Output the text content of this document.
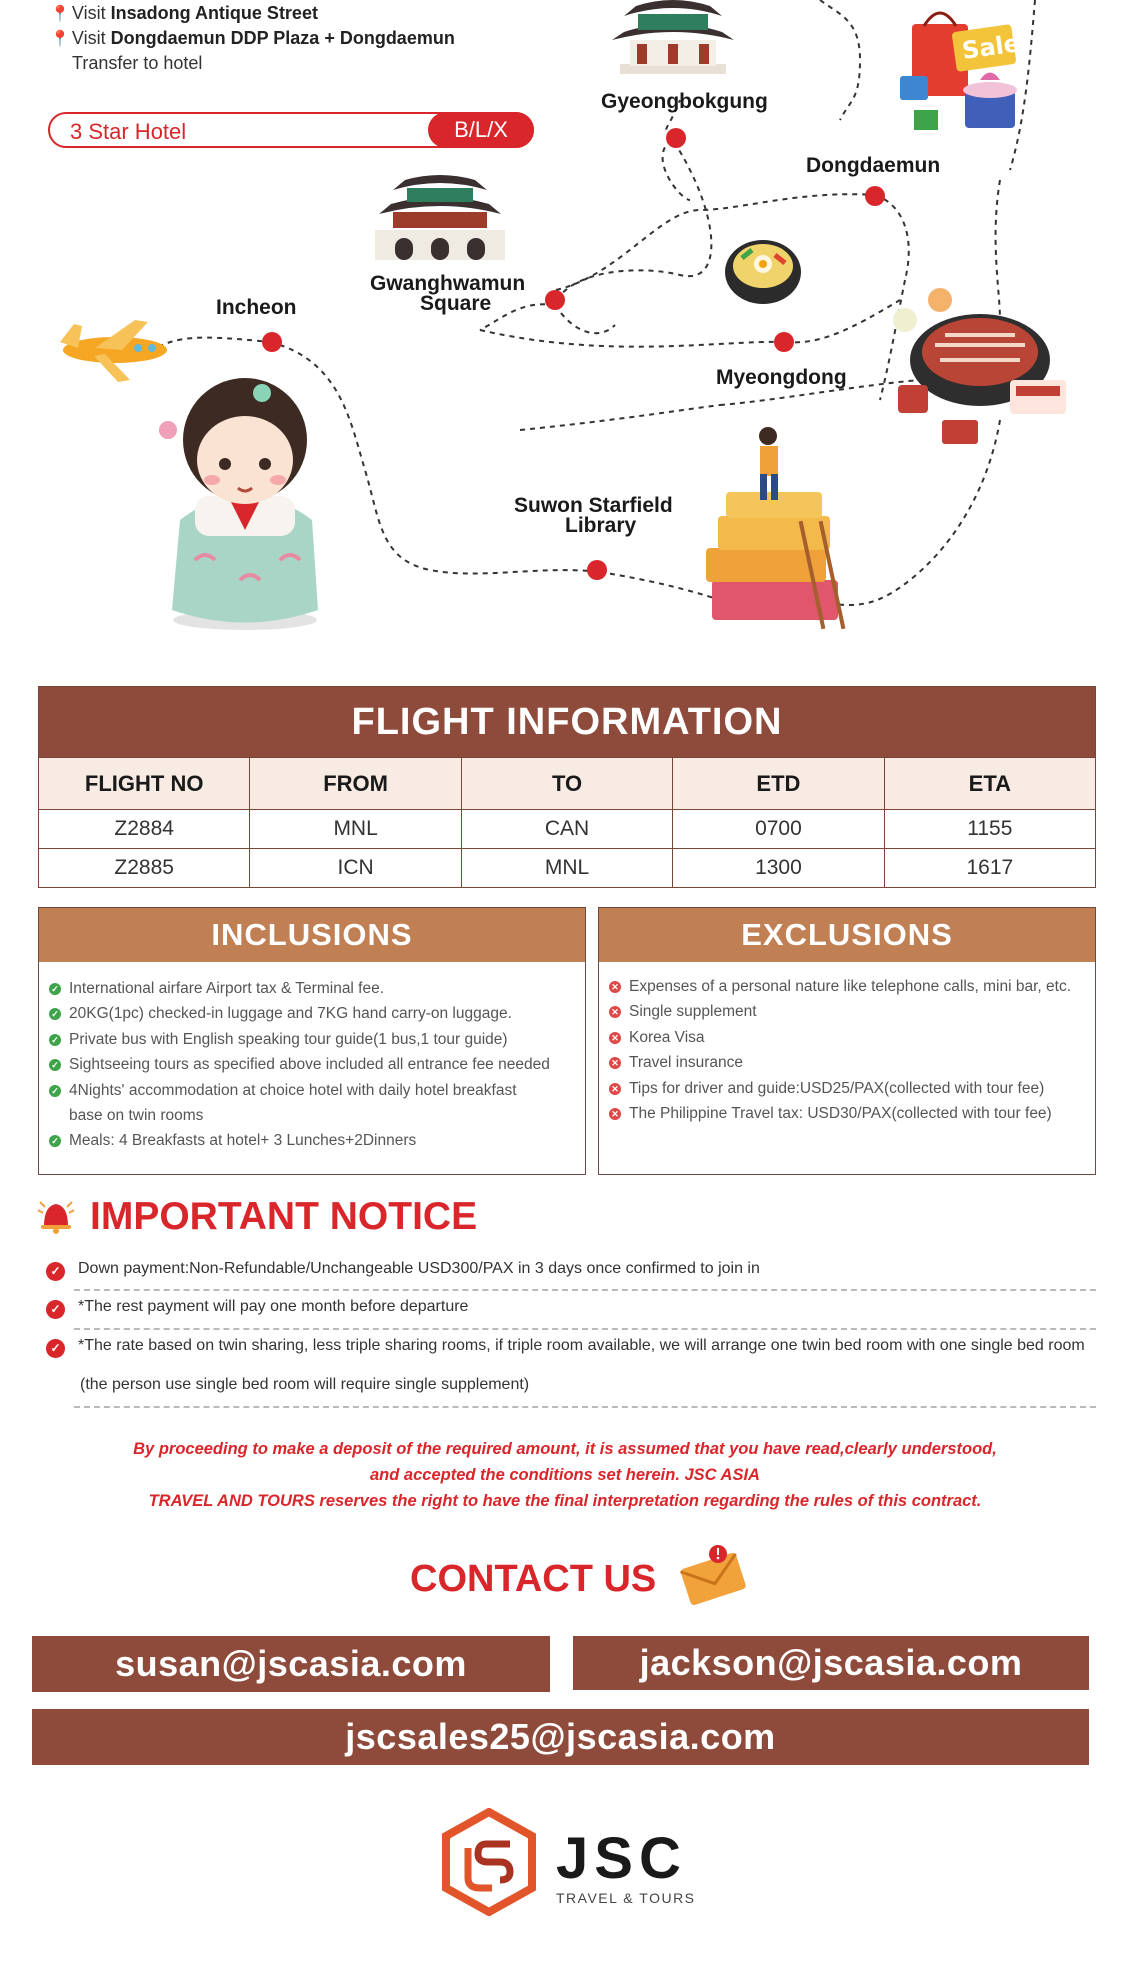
📍 Visit Insadong Antique Street
📍 Visit Dongdaemun DDP Plaza + Dongdaemun
Transfer to hotel
3 Star Hotel	B/L/X
Sale
Gyeongbokgung
Dongdaemun
Gwanghwamun
Square
Incheon
Myeongdong
Suwon Starfield
Library
FLIGHT INFORMATION
FLIGHT NO	FROM	TO	ETD	ETA
Z2884	MNL	CAN	0700	1155
Z2885	ICN	MNL	1300	1617
INCLUSIONS
✓ International airfare Airport tax & Terminal fee.
✓ 20KG(1pc) checked-in luggage and 7KG hand carry-on luggage.
✓ Private bus with English speaking tour guide(1 bus,1 tour guide)
✓ Sightseeing tours as specified above included all entrance fee needed
✓ 4Nights' accommodation at choice hotel with daily hotel breakfast base on twin rooms
✓ Meals: 4 Breakfasts at hotel+ 3 Lunches+2Dinners
EXCLUSIONS
✕ Expenses of a personal nature like telephone calls, mini bar, etc.
✕ Single supplement
✕ Korea Visa
✕ Travel insurance
✕ Tips for driver and guide:USD25/PAX(collected with tour fee)
✕ The Philippine Travel tax: USD30/PAX(collected with tour fee)
IMPORTANT NOTICE
✓ Down payment:Non-Refundable/Unchangeable USD300/PAX in 3 days once confirmed to join in
✓ *The rest payment will pay one month before departure
✓ *The rate based on twin sharing, less triple sharing rooms, if triple room available, we will arrange one twin bed room with one single bed room
(the person use single bed room will require single supplement)
By proceeding to make a deposit of the required amount, it is assumed that you have read,clearly understood,
and accepted the conditions set herein. JSC ASIA
TRAVEL AND TOURS reserves the right to have the final interpretation regarding the rules of this contract.
CONTACT US
susan@jscasia.com	jackson@jscasia.com
jscsales25@jscasia.com
JSC
TRAVEL & TOURS
